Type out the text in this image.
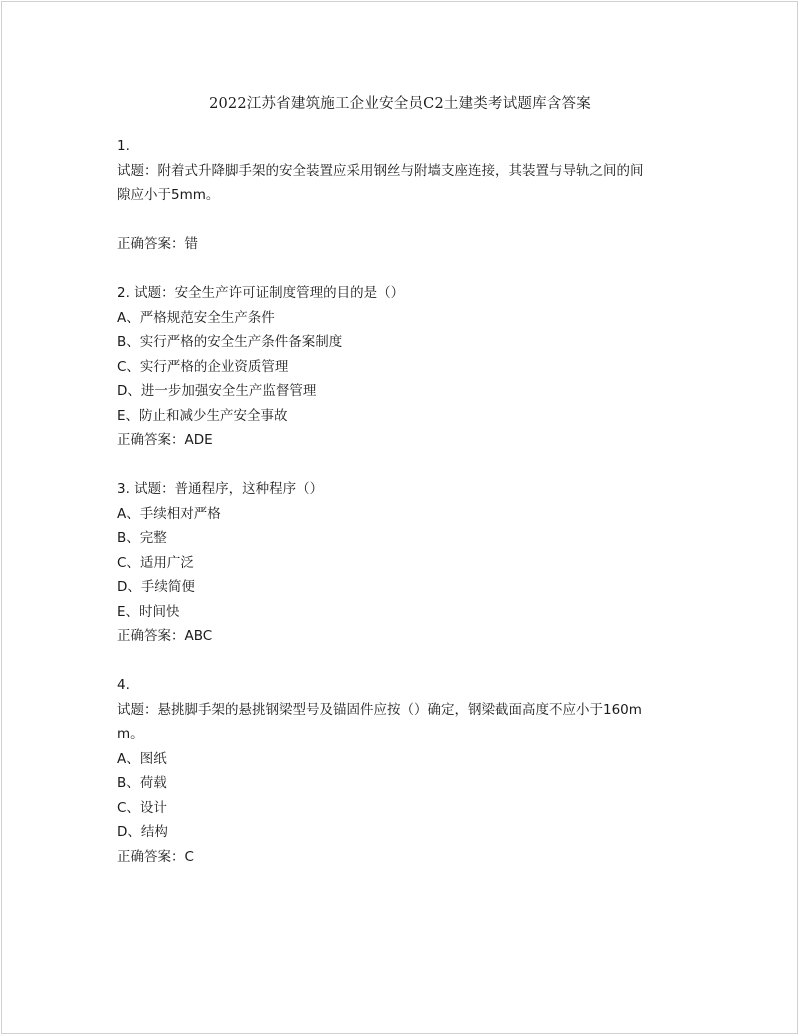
2022江苏省建筑施工企业安全员C2土建类考试题库含答案
1.
试题：附着式升降脚手架的安全装置应采用钢丝与附墙支座连接，其装置与导轨之间的间
隙应小于5mm。
正确答案：错
2. 试题：安全生产许可证制度管理的目的是（）
A、严格规范安全生产条件
B、实行严格的安全生产条件备案制度
C、实行严格的企业资质管理
D、进一步加强安全生产监督管理
E、防止和减少生产安全事故
正确答案：ADE
3. 试题：普通程序，这种程序（）
A、手续相对严格
B、完整
C、适用广泛
D、手续简便
E、时间快
正确答案：ABC
4.
试题：悬挑脚手架的悬挑钢梁型号及锚固件应按（）确定，钢梁截面高度不应小于160m
m。
A、图纸
B、荷载
C、设计
D、结构
正确答案：C
